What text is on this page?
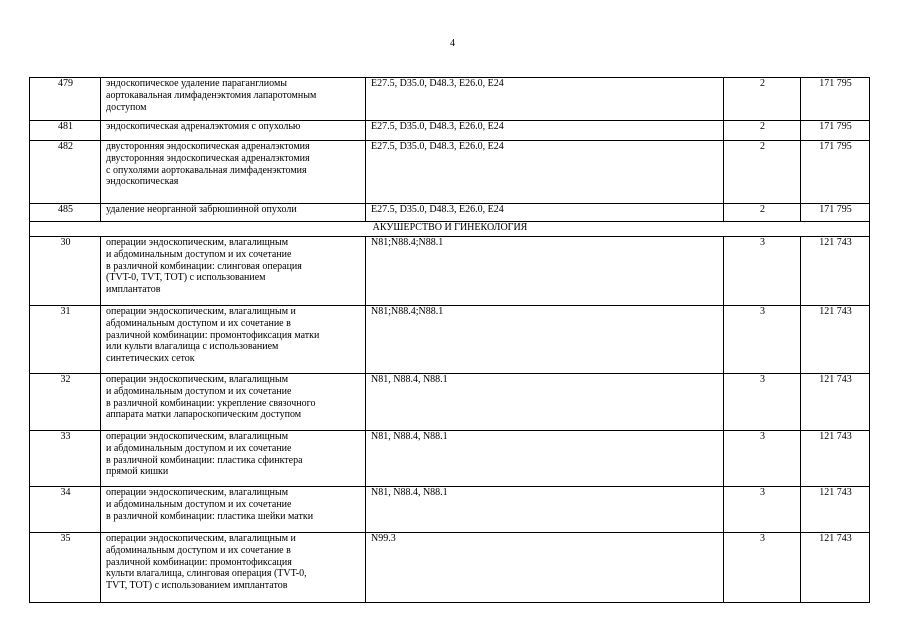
4
479	эндоскопическое удаление параганглиомы
аортокавальная лимфаденэктомия лапаротомным
доступом	E27.5, D35.0, D48.3, E26.0, E24	2	171 795
481	эндоскопическая адреналэктомия с опухолью	E27.5, D35.0, D48.3, E26.0, E24	2	171 795
482	двусторонняя эндоскопическая адреналэктомия
двусторонняя эндоскопическая адреналэктомия
с опухолями аортокавальная лимфаденэктомия
эндоскопическая	E27.5, D35.0, D48.3, E26.0, E24	2	171 795
485	удаление неорганной забрюшинной опухоли	E27.5, D35.0, D48.3, E26.0, E24	2	171 795
АКУШЕРСТВО И ГИНЕКОЛОГИЯ				
30	операции эндоскопическим, влагалищным
и абдоминальным доступом и их сочетание
в различной комбинации: слинговая операция
(TVT-0, TVT, TOT) с использованием
имплантатов	N81;N88.4;N88.1	3	121 743
31	операции эндоскопическим, влагалищным и
абдоминальным доступом и их сочетание в
различной комбинации: промонтофиксация матки
или культи влагалища с использованием
синтетических сеток	N81;N88.4;N88.1	3	121 743
32	операции эндоскопическим, влагалищным
и абдоминальным доступом и их сочетание
в различной комбинации: укрепление связочного
аппарата матки лапароскопическим доступом	N81, N88.4, N88.1	3	121 743
33	операции эндоскопическим, влагалищным
и абдоминальным доступом и их сочетание
в различной комбинации: пластика сфинктера
прямой кишки	N81, N88.4, N88.1	3	121 743
34	операции эндоскопическим, влагалищным
и абдоминальным доступом и их сочетание
в различной комбинации: пластика шейки матки	N81, N88.4, N88.1	3	121 743
35	операции эндоскопическим, влагалищным и
абдоминальным доступом и их сочетание в
различной комбинации: промонтофиксация
культи влагалища, слинговая операция (TVT-0,
TVT, TOT) с использованием имплантатов	N99.3	3	121 743
